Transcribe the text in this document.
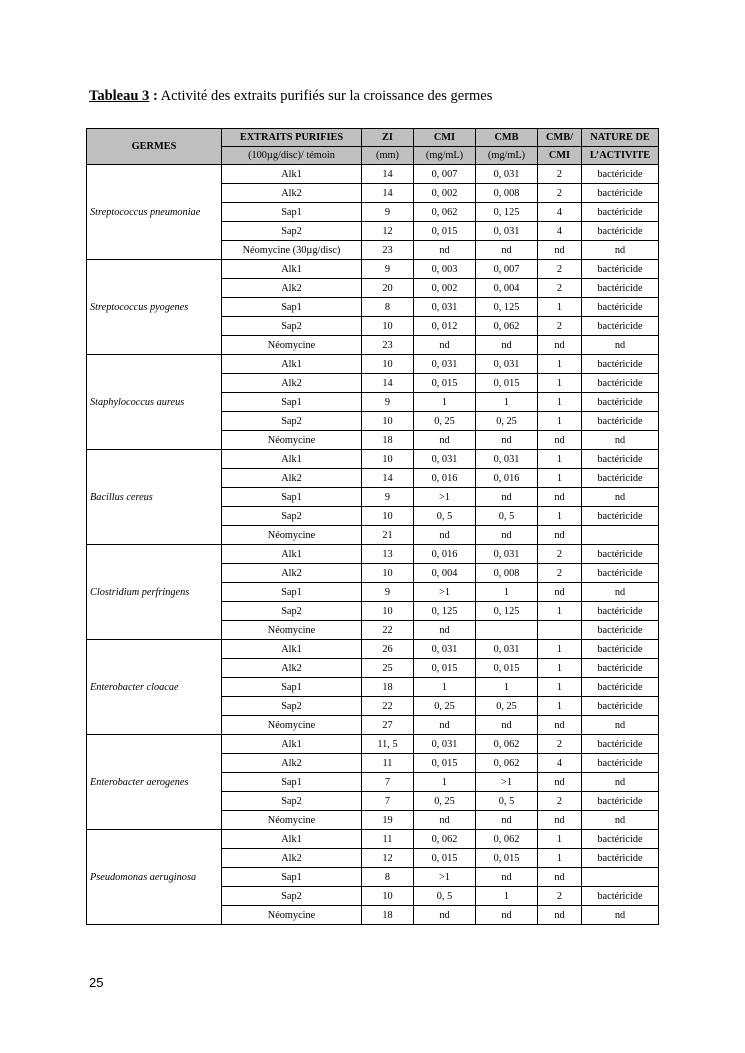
Tableau 3 : Activité des extraits purifiés sur la croissance des germes
GERMES	EXTRAITS PURIFIES	ZI	CMI	CMB	CMB/	NATURE DE
	(100µg/disc)/ témoin	(mm)	(mg/mL)	(mg/mL)	CMI	L’ACTIVITE
Streptococcus pneumoniae	Alk1	14	0, 007	0, 031	2	bactéricide
	Alk2	14	0, 002	0, 008	2	bactéricide
	Sap1	9	0, 062	0, 125	4	bactéricide
	Sap2	12	0, 015	0, 031	4	bactéricide
	Néomycine (30µg/disc)	23	nd	nd	nd	nd
Streptococcus pyogenes	Alk1	9	0, 003	0, 007	2	bactéricide
	Alk2	20	0, 002	0, 004	2	bactéricide
	Sap1	8	0, 031	0, 125	1	bactéricide
	Sap2	10	0, 012	0, 062	2	bactéricide
	Néomycine	23	nd	nd	nd	nd
Staphylococcus aureus	Alk1	10	0, 031	0, 031	1	bactéricide
	Alk2	14	0, 015	0, 015	1	bactéricide
	Sap1	9	1	1	1	bactéricide
	Sap2	10	0, 25	0, 25	1	bactéricide
	Néomycine	18	nd	nd	nd	nd
Bacillus cereus	Alk1	10	0, 031	0, 031	1	bactéricide
	Alk2	14	0, 016	0, 016	1	bactéricide
	Sap1	9	>1	nd	nd	nd
	Sap2	10	0, 5	0, 5	1	bactéricide
	Néomycine	21	nd	nd	nd	
Clostridium perfringens	Alk1	13	0, 016	0, 031	2	bactéricide
	Alk2	10	0, 004	0, 008	2	bactéricide
	Sap1	9	>1	1	nd	nd
	Sap2	10	0, 125	0, 125	1	bactéricide
	Néomycine	22	nd			bactéricide
Enterobacter cloacae	Alk1	26	0, 031	0, 031	1	bactéricide
	Alk2	25	0, 015	0, 015	1	bactéricide
	Sap1	18	1	1	1	bactéricide
	Sap2	22	0, 25	0, 25	1	bactéricide
	Néomycine	27	nd	nd	nd	nd
Enterobacter aerogenes	Alk1	11, 5	0, 031	0, 062	2	bactéricide
	Alk2	11	0, 015	0, 062	4	bactéricide
	Sap1	7	1	>1	nd	nd
	Sap2	7	0, 25	0, 5	2	bactéricide
	Néomycine	19	nd	nd	nd	nd
Pseudomonas aeruginosa	Alk1	11	0, 062	0, 062	1	bactéricide
	Alk2	12	0, 015	0, 015	1	bactéricide
	Sap1	8	>1	nd	nd	
	Sap2	10	0, 5	1	2	bactéricide
	Néomycine	18	nd	nd	nd	nd
25
